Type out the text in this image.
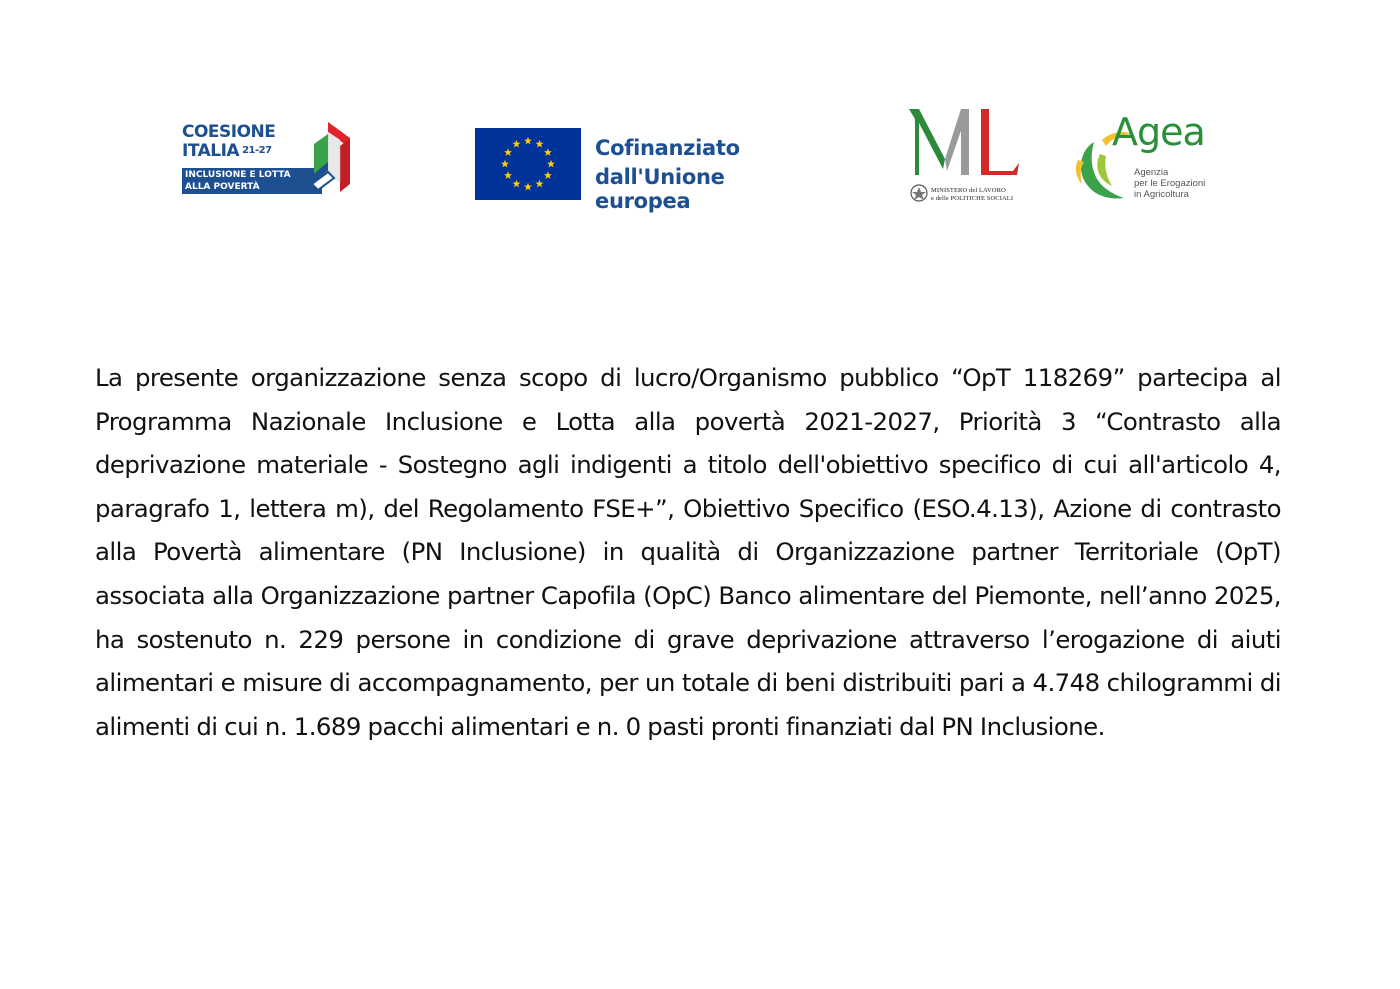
COESIONE
ITALIA 21-27
INCLUSIONE E LOTTA
ALLA POVERTÀ
Cofinanziato
dall'Unione europea	MINISTERO del LAVORO
e delle POLITICHE SOCIALI
Agea
Agenzia
per le Erogazioni
in Agricoltura

La presente organizzazione senza scopo di lucro/Organismo pubblico “OpT 118269” partecipa al Programma Nazionale Inclusione e Lotta alla povertà 2021-2027, Priorità 3 “Contrasto alla deprivazione materiale - Sostegno agli indigenti a titolo dell'obiettivo specifico di cui all'articolo 4, paragrafo 1, lettera m), del Regolamento FSE+”, Obiettivo Specifico (ESO.4.13), Azione di contrasto alla Povertà alimentare (PN Inclusione) in qualità di Organizzazione partner Territoriale (OpT) associata alla Organizzazione partner Capofila (OpC) Banco alimentare del Piemonte, nell’anno 2025, ha sostenuto n. 229 persone in condizione di grave deprivazione attraverso l’erogazione di aiuti alimentari e misure di accompagnamento, per un totale di beni distribuiti pari a 4.748 chilogrammi di alimenti di cui n. 1.689 pacchi alimentari e n. 0 pasti pronti finanziati dal PN Inclusione.
